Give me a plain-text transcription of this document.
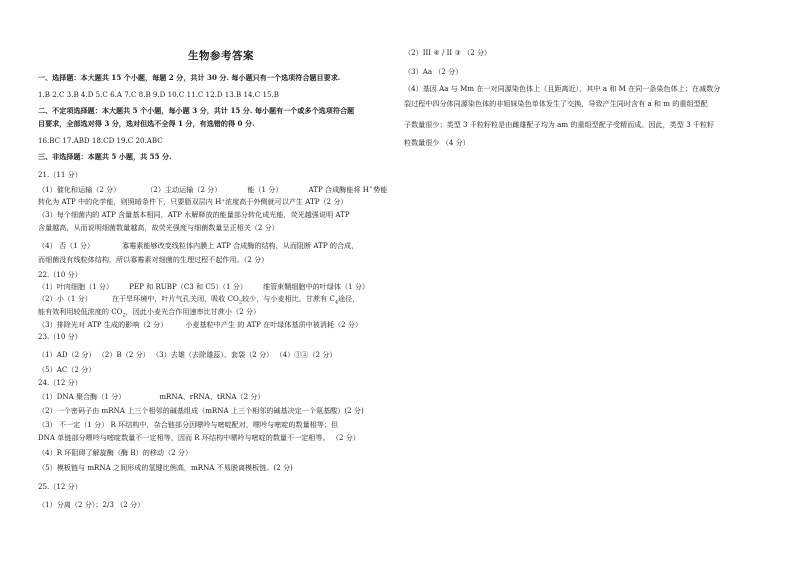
生物参考答案
一、选择题：本大题共 15 个小题，每题 2 分，共计 30 分. 每小题只有一个选项符合题目要求.
1.B 2.C 3.B 4.D 5.C 6.A 7.C 8.B 9.D 10.C 11.C 12.D 13.B 14.C 15.B
二、不定项选择题：本大题共 5 个小题，每小题 3 分，共计 15 分. 每小题有一个或多个选项符合题
目要求，全部选对得 3 分，选对但选不全得 1 分，有选错的得 0 分.
16.BC 17.ABD 18.CD 19.C 20.ABC
三、非选择题：本题共 5 小题，共 55 分.
21.（11 分）
（1）催化和运输（2 分）	（2）主动运输（2 分）	能（1 分）	ATP 合成酶能将 H+势能
转化为 ATP 中的化学能，则照暗条件下，只要脂双层内 H⁺浓度高于外侧就可以产生 ATP（2 分）
（3）每个细菌内的 ATP 含量基本相同，ATP 水解释放的能量部分转化成光能，荧光越强说明 ATP
含量越高，从而说明细菌数量越高，故荧光强度与细菌数量呈正相关（2 分）
（4） 否（1 分）	寡霉素能够改变线粒体内膜上 ATP 合成酶的结构，从而阻断 ATP 的合成，
而细菌没有线粒体结构，所以寡霉素对细菌的生理过程不起作用。（2 分）
22.（10 分）
（1）叶肉细胞（1 分） PEP 和 RUBP（C3 和 C5）（1 分） 维管束鞘细胞中的叶绿体（1 分）
（2）小（1 分）	在干旱环境中，叶片气孔关闭，吸收 $CO_2$较少，与小麦相比，甘蔗有 $C_4$途径，
能有效利用较低浓度的 $CO_2$，因此小麦光合作用速率比甘蔗小（2 分）
（3）排除光对 ATP 生成的影响（2 分）	小麦基粒中产生 的 ATP 在叶绿体基质中被消耗（2 分）
23.（10 分）
（1）AD（2 分） （2）B（2 分） （3）去雄（去除雄蕊）、套袋（2 分） （4）③④（2 分）
（5）AC（2 分）
24.（12 分）
（1）DNA 聚合酶（1 分）	mRNA、rRNA、tRNA（2 分）
（2）一个密码子由 mRNA 上三个相邻的碱基组成（mRNA 上三个相邻的碱基决定一个氨基酸）(2 分)
（3） 不一定（1 分） R 环结构中，杂合链部分因嘌呤与嘧啶配对，嘌呤与嘧啶的数量相等；但
DNA 单链部分嘌呤与嘧啶数量不一定相等，因而 R 环结构中嘌呤与嘧啶的数量不一定相等。 （2 分）
（4）R 环阻碍了解旋酶（酶 B）的移动（2 分）
（5）模板链与 mRNA 之间形成的氢键比例高，mRNA 不易脱离模板链。(2 分)
25.（12 分）
（1）分离（2 分）；2/3 （2 分）
（2）III ④ / II ③ （2 分）
（3）Aa （2 分）
（4）基因 Aa 与 Mm 在一对同源染色体上（且距离近），其中 a 和 M 在同一条染色体上；在减数分
裂过程中四分体同源染色体的非姐妹染色单体发生了交换，导致产生同时含有 a 和 m 的重组型配
子数量很少；类型 3 千粒籽粒是由雌雄配子均为 am 的重组型配子受精而成。因此，类型 3 千粒籽
粒数量很少 （4 分）
